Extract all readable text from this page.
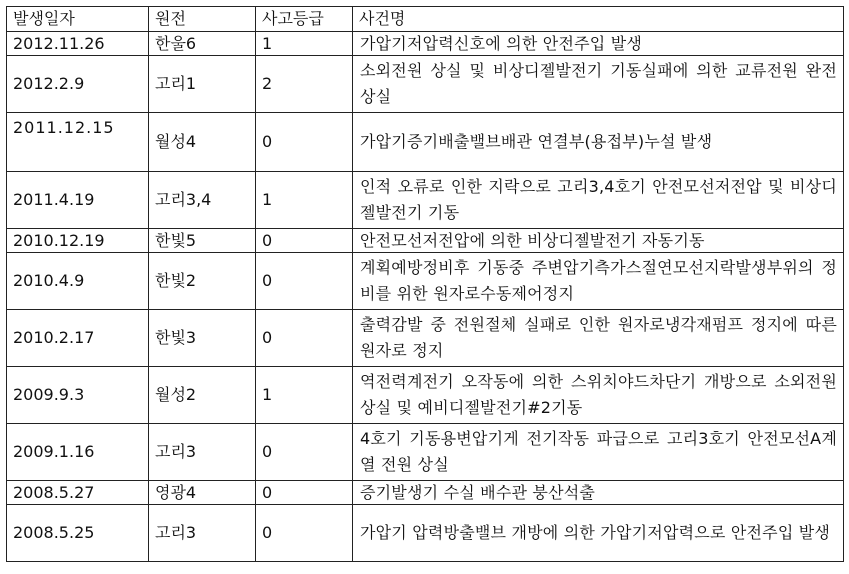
발생일자	원전	사고등급	사건명
2012.11.26	한울6	1	가압기저압력신호에 의한 안전주입 발생
2012.2.9	고리1	2	소외전원 상실 및 비상디젤발전기 기동실패에 의한 교류전원 완전 상실
2011.12.15	월성4	0	가압기증기배출밸브배관 연결부(용접부)누설 발생
2011.4.19	고리3,4	1	인적 오류로 인한 지락으로 고리3,4호기 안전모선저전압 및 비상디젤발전기 기동
2010.12.19	한빛5	0	안전모선저전압에 의한 비상디젤발전기 자동기동
2010.4.9	한빛2	0	계획예방정비후 기동중 주변압기측가스절연모선지락발생부위의 정비를 위한 원자로수동제어정지
2010.2.17	한빛3	0	출력감발 중 전원절체 실패로 인한 원자로냉각재펌프 정지에 따른 원자로 정지
2009.9.3	월성2	1	역전력계전기 오작동에 의한 스위치야드차단기 개방으로 소외전원 상실 및 예비디젤발전기#2기동
2009.1.16	고리3	0	4호기 기동용변압기게 전기작동 파급으로 고리3호기 안전모선A계열 전원 상실
2008.5.27	영광4	0	증기발생기 수실 배수관 붕산석출
2008.5.25	고리3	0	가압기 압력방출밸브 개방에 의한 가압기저압력으로 안전주입 발생
